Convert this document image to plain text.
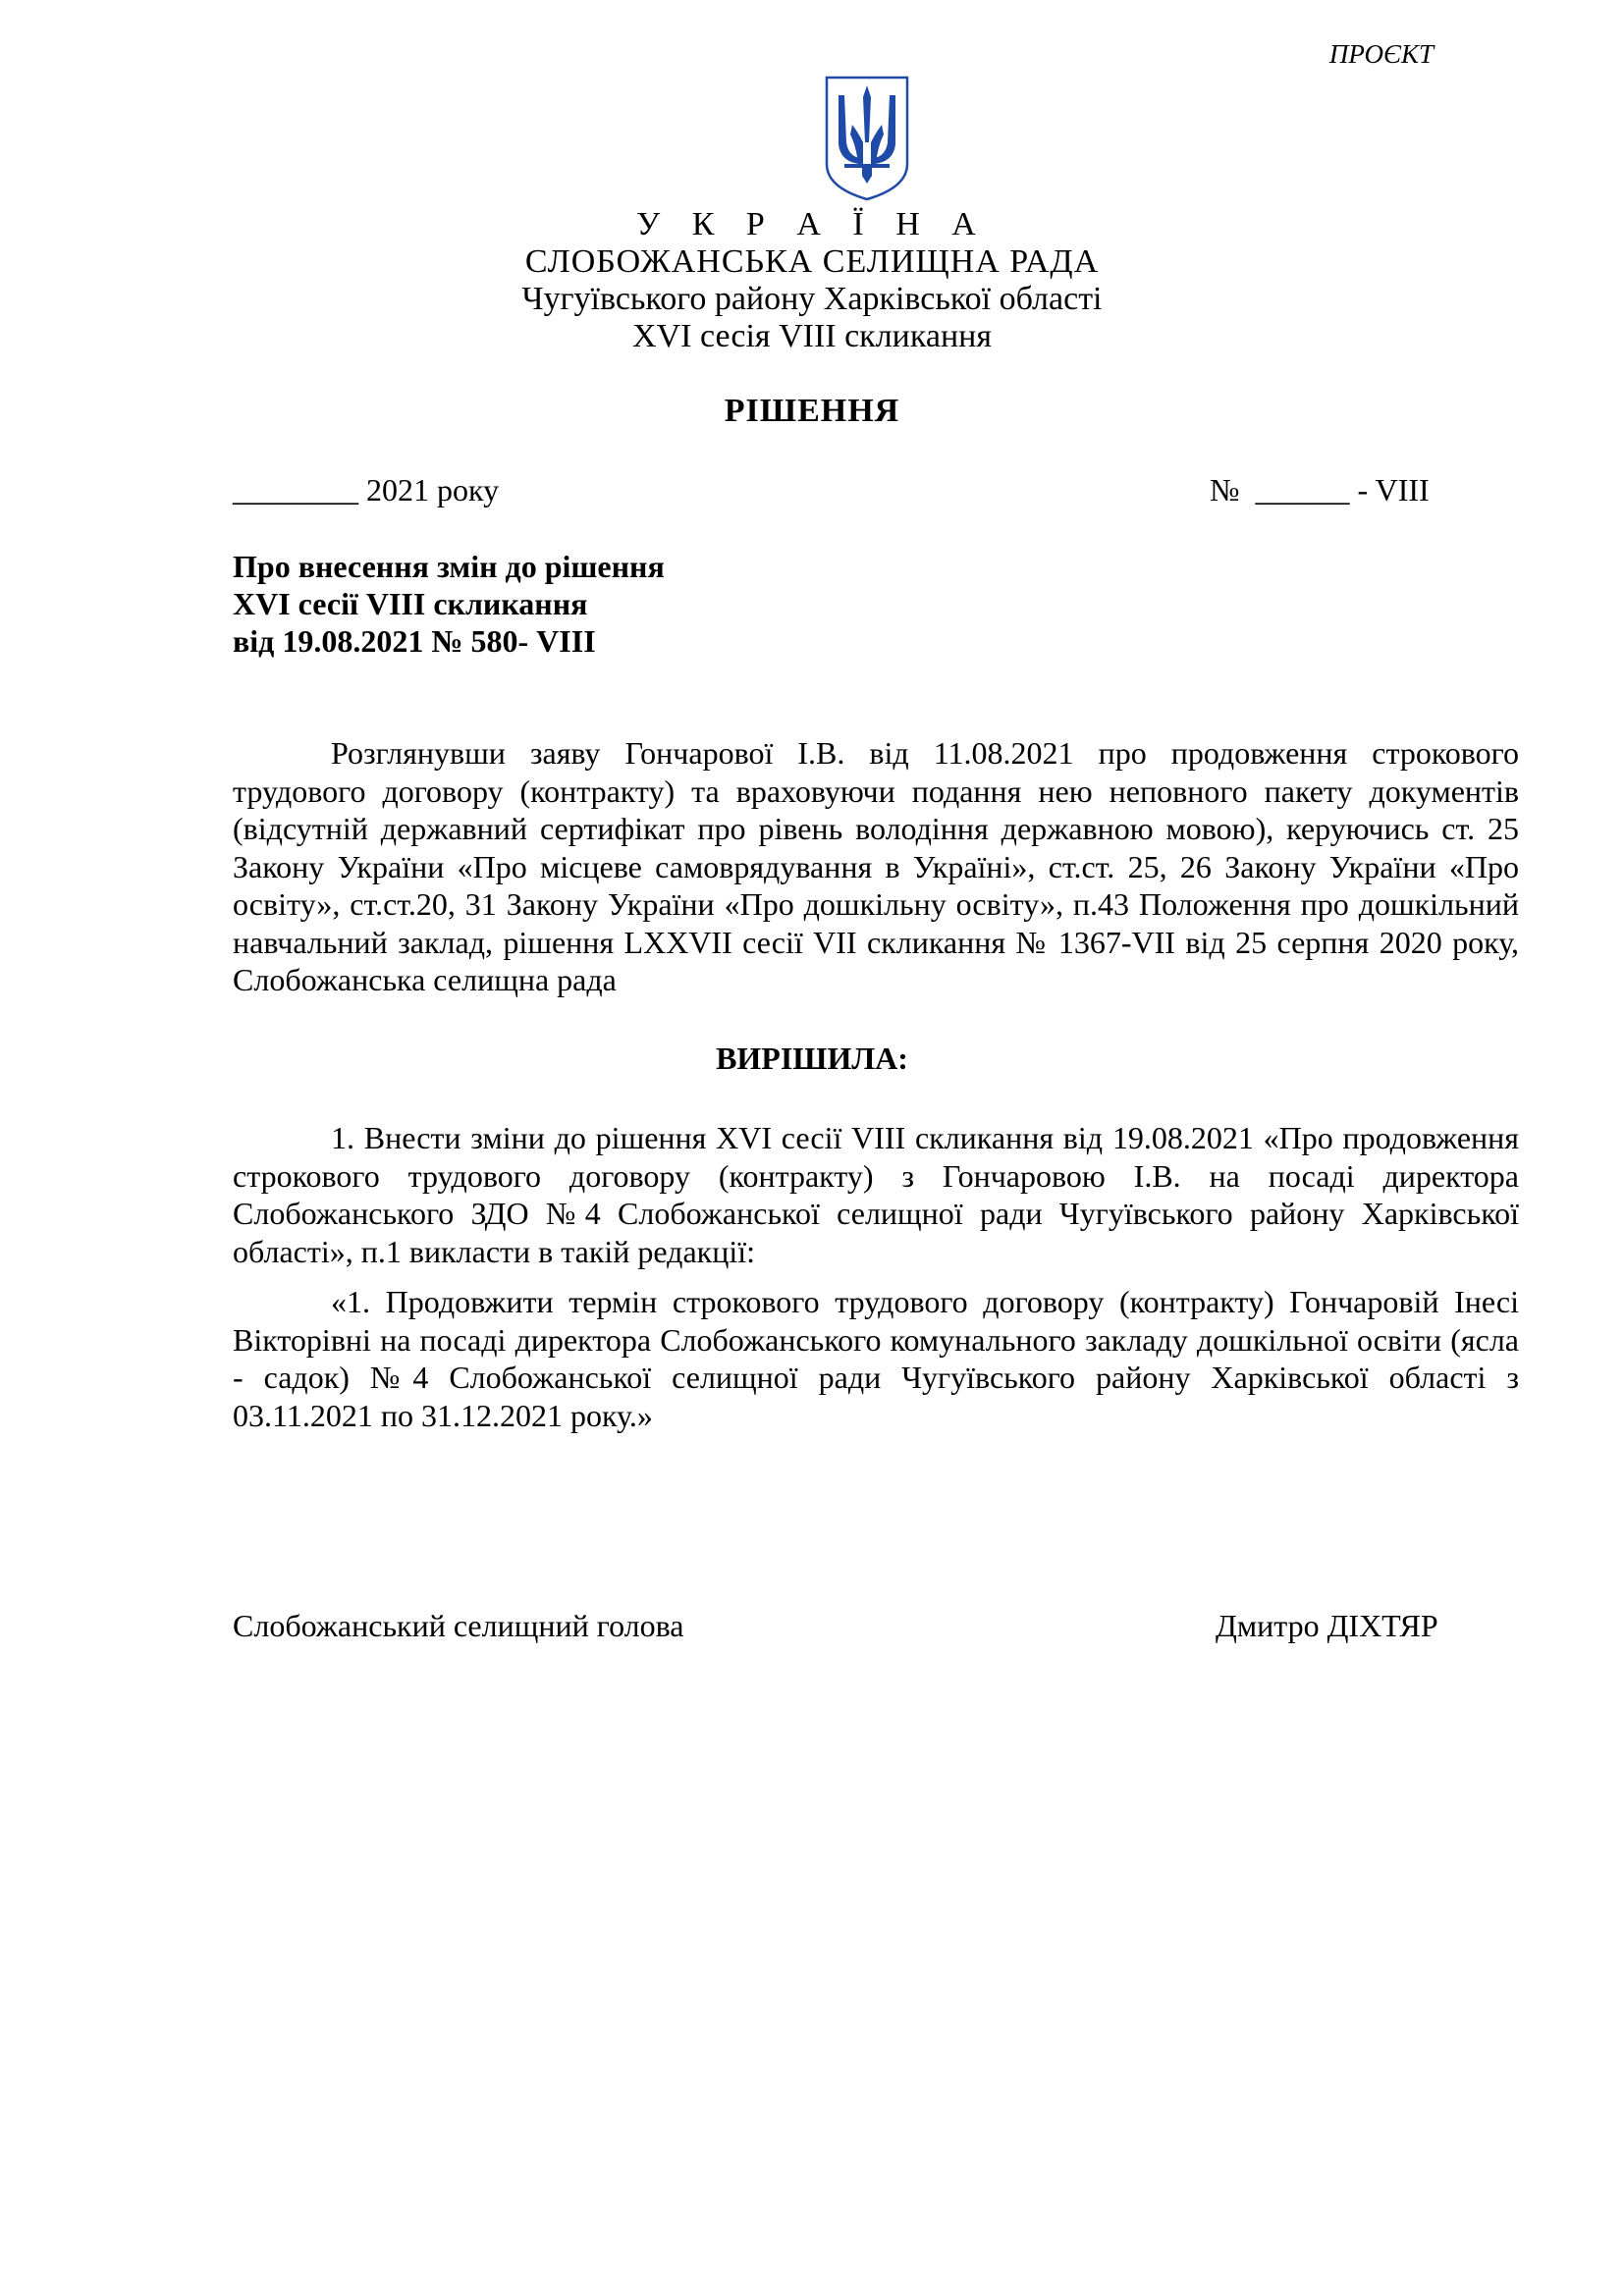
ПРОЄКТ
У К Р А Ї Н А
СЛОБОЖАНСЬКА СЕЛИЩНА РАДА
Чугуївського району Харківської області
XVI сесія VIII скликання
РІШЕННЯ
________ 2021 року	№  ______ - VIII
Про внесення змін до рішення
XVI сесії VIII скликання
від 19.08.2021 № 580- VIII
Розглянувши заяву Гончарової І.В. від 11.08.2021 про продовження строкового трудового договору (контракту) та враховуючи подання нею неповного пакету документів (відсутній державний сертифікат про рівень володіння державною мовою), керуючись ст. 25 Закону України «Про місцеве самоврядування в Україні», ст.ст. 25, 26 Закону України «Про освіту», ст.ст.20, 31 Закону України «Про дошкільну освіту», п.43 Положення про дошкільний навчальний заклад, рішення LXXVII сесії VII скликання № 1367-VII від 25 серпня 2020 року, Слобожанська селищна рада
ВИРІШИЛА:
1. Внести зміни до рішення XVI сесії VIII скликання від 19.08.2021 «Про продовження строкового трудового договору (контракту) з Гончаровою І.В. на посаді директора Слобожанського ЗДО №4 Слобожанської селищної ради Чугуївського району Харківської області», п.1 викласти в такій редакції:
«1. Продовжити термін строкового трудового договору (контракту) Гончаровій Інесі Вікторівні на посаді директора Слобожанського комунального закладу дошкільної освіти (ясла - садок) №4 Слобожанської селищної ради Чугуївського району Харківської області з 03.11.2021 по 31.12.2021 року.»
Слобожанський селищний голова	Дмитро ДІХТЯР
